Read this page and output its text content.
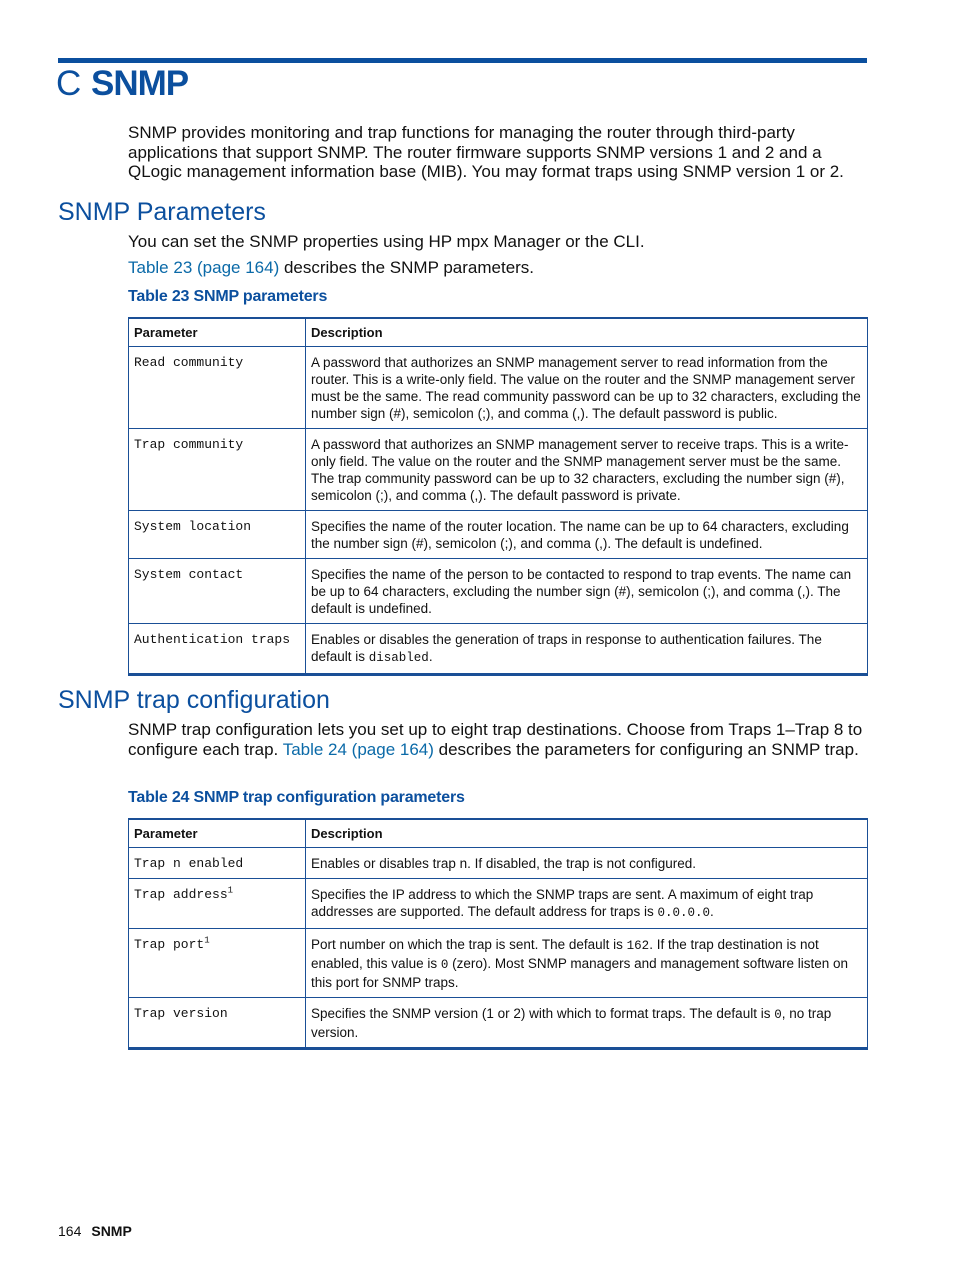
C SNMP

SNMP provides monitoring and trap functions for managing the router through third-party applications that support SNMP. The router firmware supports SNMP versions 1 and 2 and a QLogic management information base (MIB). You may format traps using SNMP version 1 or 2.

SNMP Parameters

You can set the SNMP properties using HP mpx Manager or the CLI.

Table 23 (page 164) describes the SNMP parameters.

Table 23 SNMP parameters
Parameter	Description
Read community	A password that authorizes an SNMP management server to read information from the router. This is a write-only field. The value on the router and the SNMP management server must be the same. The read community password can be up to 32 characters, excluding the number sign (#), semicolon (;), and comma (,). The default password is public.
Trap community	A password that authorizes an SNMP management server to receive traps. This is a write-only field. The value on the router and the SNMP management server must be the same. The trap community password can be up to 32 characters, excluding the number sign (#), semicolon (;), and comma (,). The default password is private.
System location	Specifies the name of the router location. The name can be up to 64 characters, excluding the number sign (#), semicolon (;), and comma (,). The default is undefined.
System contact	Specifies the name of the person to be contacted to respond to trap events. The name can be up to 64 characters, excluding the number sign (#), semicolon (;), and comma (,). The default is undefined.
Authentication traps	Enables or disables the generation of traps in response to authentication failures. The default is disabled.
SNMP trap configuration

SNMP trap configuration lets you set up to eight trap destinations. Choose from Traps 1–Trap 8 to configure each trap. Table 24 (page 164) describes the parameters for configuring an SNMP trap.

Table 24 SNMP trap configuration parameters
Parameter	Description
Trap n enabled	Enables or disables trap n. If disabled, the trap is not configured.
Trap address$^1$	Specifies the IP address to which the SNMP traps are sent. A maximum of eight trap addresses are supported. The default address for traps is 0.0.0.0.
Trap port$^1$	Port number on which the trap is sent. The default is 162. If the trap destination is not enabled, this value is 0 (zero). Most SNMP managers and management software listen on this port for SNMP traps.
Trap version	Specifies the SNMP version (1 or 2) with which to format traps. The default is 0, no trap version.
164 SNMP
